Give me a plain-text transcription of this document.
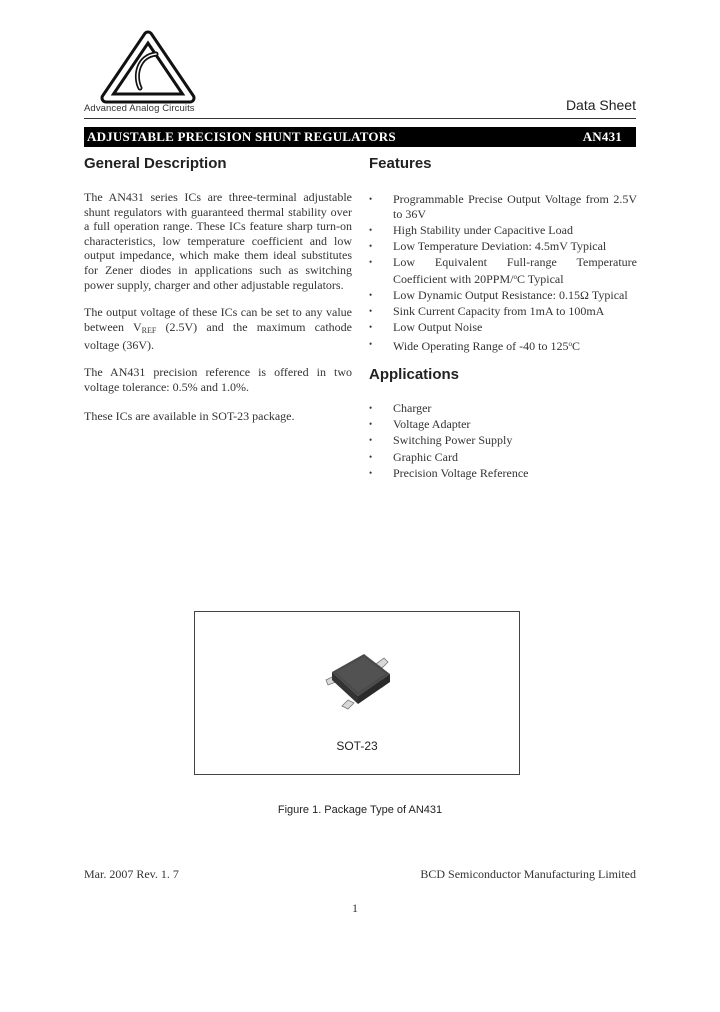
Advanced Analog Circuits	Data Sheet
ADJUSTABLE PRECISION SHUNT REGULATORS	AN431
General Description
The AN431 series ICs are three-terminal adjustable shunt regulators with guaranteed thermal stability over a full operation range. These ICs feature sharp turn-on characteristics, low temperature coefficient and low output impedance, which make them ideal substitutes for Zener diodes in applications such as switching power supply, charger and other adjustable regulators.
The output voltage of these ICs can be set to any value between $V_{REF}$ (2.5V) and the maximum cathode voltage (36V).
The AN431 precision reference is offered in two voltage tolerance: 0.5% and 1.0%.
These ICs are available in SOT-23 package.
Features
• Programmable Precise Output Voltage from 2.5V to 36V
• High Stability under Capacitive Load
• Low Temperature Deviation: 4.5mV Typical
• Low Equivalent Full-range Temperature Coefficient with 20PPM/$^o$C Typical
• Low Dynamic Output Resistance: 0.15Ω Typical
• Sink Current Capacity from 1mA to 100mA
• Low Output Noise
• Wide Operating Range of -40 to 125$^o$C
Applications
• Charger
• Voltage Adapter
• Switching Power Supply
• Graphic Card
• Precision Voltage Reference
SOT-23
Figure 1. Package Type of AN431
Mar. 2007 Rev. 1. 7	BCD Semiconductor Manufacturing Limited
1
